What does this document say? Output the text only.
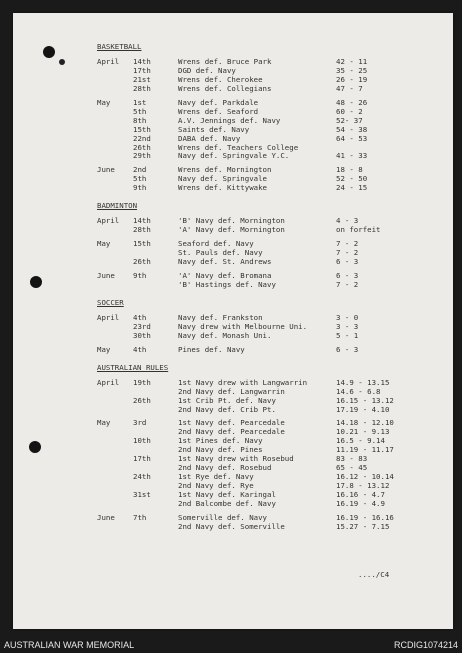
BASKETBALL
April	14th	Wrens def. Bruce Park	42 - 11
17th	DGD def. Navy	35 - 25
21st	Wrens def. Cherokee	26 - 19
28th	Wrens def. Collegians	47 - 7
May	1st	Navy def. Parkdale	48 - 26
5th	Wrens def. Seaford	60 - 2
8th	A.V. Jennings def. Navy	52- 37
15th	Saints def. Navy	54 - 38
22nd	DABA def. Navy	64 - 53
26th	Wrens def. Teachers College
29th	Navy def. Springvale Y.C.	41 - 33
June	2nd	Wrens def. Mornington	18 - 8
5th	Navy def. Springvale	52 - 50
9th	Wrens def. Kittywake	24 - 15
BADMINTON
April	14th	'B' Navy def. Mornington	4 - 3
28th	'A' Navy def. Mornington	on forfeit
May	15th	Seaford def. Navy	7 - 2
St. Pauls def. Navy	7 - 2
26th	Navy def. St. Andrews	6 - 3
June	9th	'A' Navy def. Bromana	6 - 3
'B' Hastings def. Navy	7 - 2
SOCCER
April	4th	Navy def. Frankston	3 - 0
23rd	Navy drew with Melbourne Uni.	3 - 3
30th	Navy def. Monash Uni.	5 - 1
May	4th	Pines def. Navy	6 - 3
AUSTRALIAN RULES
April	19th	1st Navy drew with Langwarrin	14.9 - 13.15
2nd Navy def. Langwarrin	14.6 - 6.8
26th	1st Crib Pt. def. Navy	16.15 - 13.12
2nd Navy def. Crib Pt.	17.19 - 4.10
May	3rd	1st Navy def. Pearcedale	14.18 - 12.10
2nd Navy def. Pearcedale	10.21 - 9.13
10th	1st Pines def. Navy	16.5 - 9.14
2nd Navy def. Pines	11.19 - 11.17
17th	1st Navy drew with Rosebud	83 - 83
2nd Navy def. Rosebud	65 - 45
24th	1st Rye def. Navy	16.12 - 10.14
2nd Navy def. Rye	17.8 - 13.12
31st	1st Navy def. Karingal	16.16 - 4.7
2nd Balcombe def. Navy	16.19 - 4.9
June	7th	Somerville def. Navy	16.19 - 16.16
2nd Navy def. Somerville	15.27 - 7.15
..../C4
AUSTRALIAN WAR MEMORIAL	RCDIG1074214
